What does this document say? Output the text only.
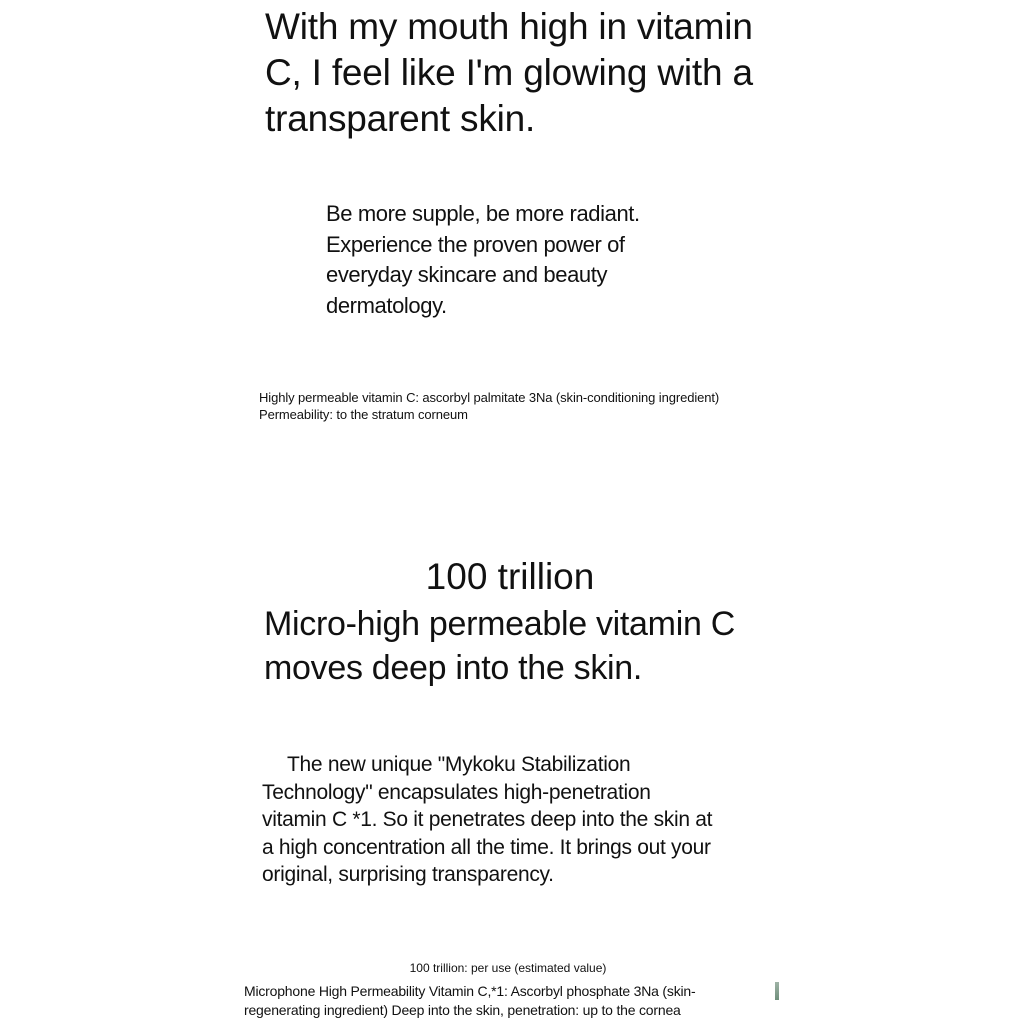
With my mouth high in vitamin
C, I feel like I'm glowing with a
transparent skin.

Be more supple, be more radiant.
Experience the proven power of
everyday skincare and beauty
dermatology.

Highly permeable vitamin C: ascorbyl palmitate 3Na (skin-conditioning ingredient)
Permeability: to the stratum corneum

100 trillion
Micro-high permeable vitamin C
moves deep into the skin.

The new unique "Mykoku Stabilization
Technology" encapsulates high-penetration
vitamin C *1. So it penetrates deep into the skin at
a high concentration all the time. It brings out your
original, surprising transparency.

100 trillion: per use (estimated value)

Microphone High Permeability Vitamin C,*1: Ascorbyl phosphate 3Na (skin-
regenerating ingredient) Deep into the skin, penetration: up to the cornea
